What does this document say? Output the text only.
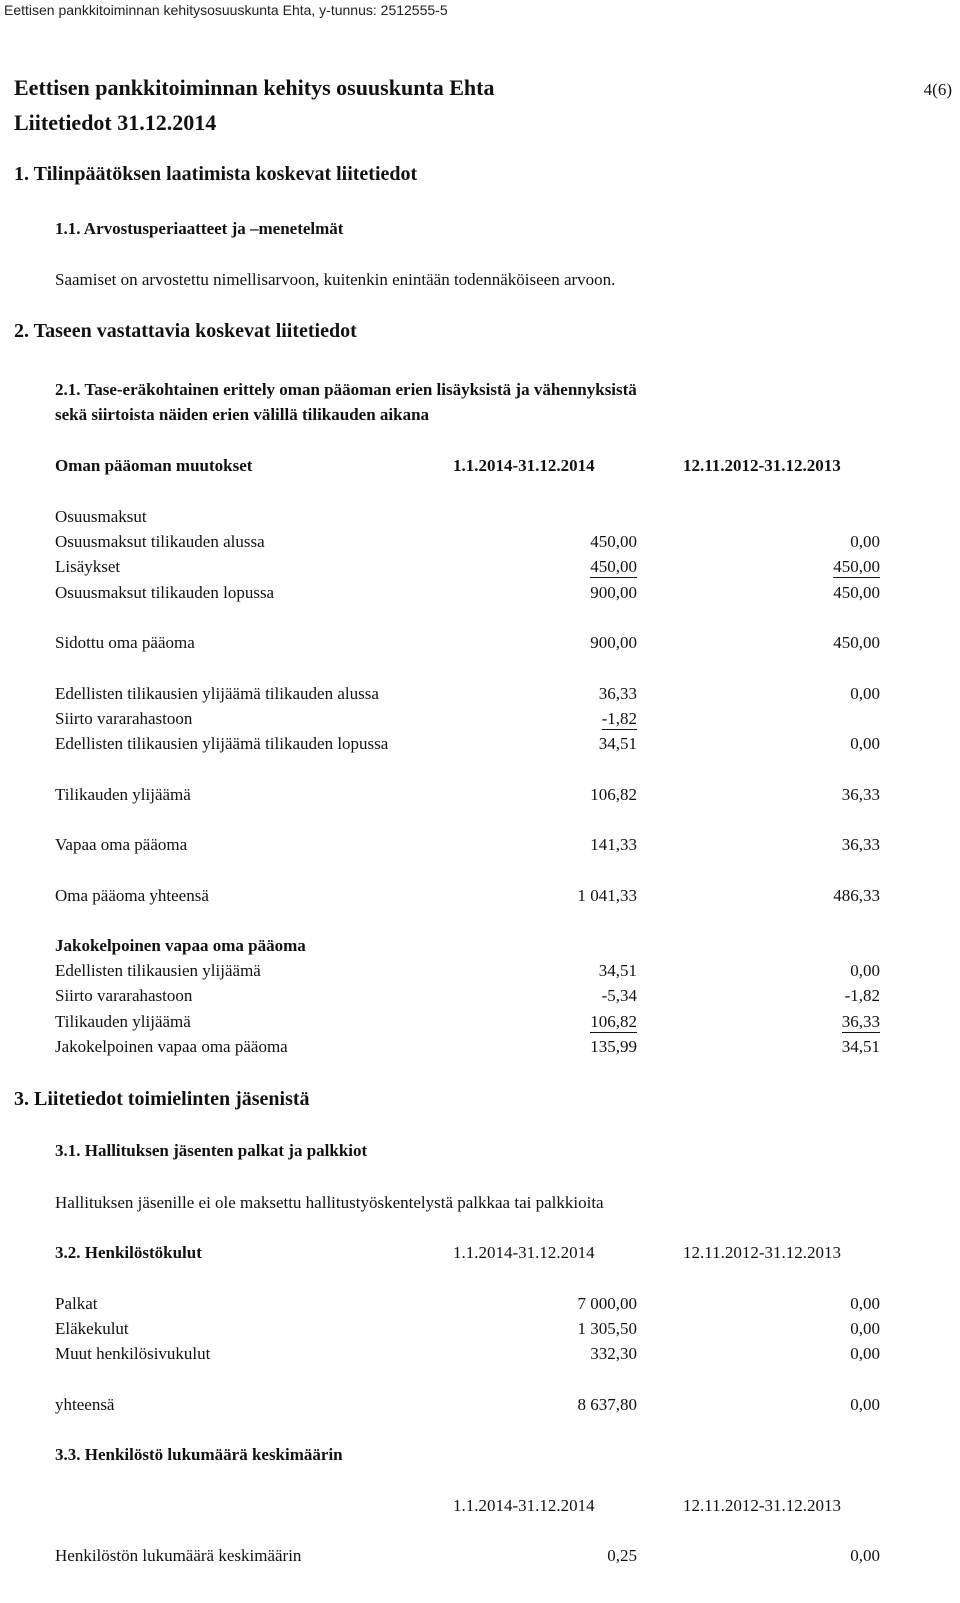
Eettisen pankkitoiminnan kehitysosuuskunta Ehta, y-tunnus: 2512555-5
Eettisen pankkitoiminnan kehitys osuuskunta Ehta	4(6)
Liitetiedot 31.12.2014
1. Tilinpäätöksen laatimista koskevat liitetiedot
1.1. Arvostusperiaatteet ja –menetelmät
Saamiset on arvostettu nimellisarvoon, kuitenkin enintään todennäköiseen arvoon.
2. Taseen vastattavia koskevat liitetiedot
2.1. Tase-eräkohtainen erittely oman pääoman erien lisäyksistä ja vähennyksistä
sekä siirtoista näiden erien välillä tilikauden aikana
Oman pääoman muutokset	1.1.2014-31.12.2014	12.11.2012-31.12.2013
Osuusmaksut
Osuusmaksut tilikauden alussa	450,00	0,00
Lisäykset	450,00	450,00
Osuusmaksut tilikauden lopussa	900,00	450,00
Sidottu oma pääoma	900,00	450,00
Edellisten tilikausien ylijäämä tilikauden alussa	36,33	0,00
Siirto vararahastoon	-1,82
Edellisten tilikausien ylijäämä tilikauden lopussa	34,51	0,00
Tilikauden ylijäämä	106,82	36,33
Vapaa oma pääoma	141,33	36,33
Oma pääoma yhteensä	1 041,33	486,33
Jakokelpoinen vapaa oma pääoma
Edellisten tilikausien ylijäämä	34,51	0,00
Siirto vararahastoon	-5,34	-1,82
Tilikauden ylijäämä	106,82	36,33
Jakokelpoinen vapaa oma pääoma	135,99	34,51
3. Liitetiedot toimielinten jäsenistä
3.1. Hallituksen jäsenten palkat ja palkkiot
Hallituksen jäsenille ei ole maksettu hallitustyöskentelystä palkkaa tai palkkioita
3.2. Henkilöstökulut	1.1.2014-31.12.2014	12.11.2012-31.12.2013
Palkat	7 000,00	0,00
Eläkekulut	1 305,50	0,00
Muut henkilösivukulut	332,30	0,00
yhteensä	8 637,80	0,00
3.3. Henkilöstö lukumäärä keskimäärin
1.1.2014-31.12.2014	12.11.2012-31.12.2013
Henkilöstön lukumäärä keskimäärin	0,25	0,00
